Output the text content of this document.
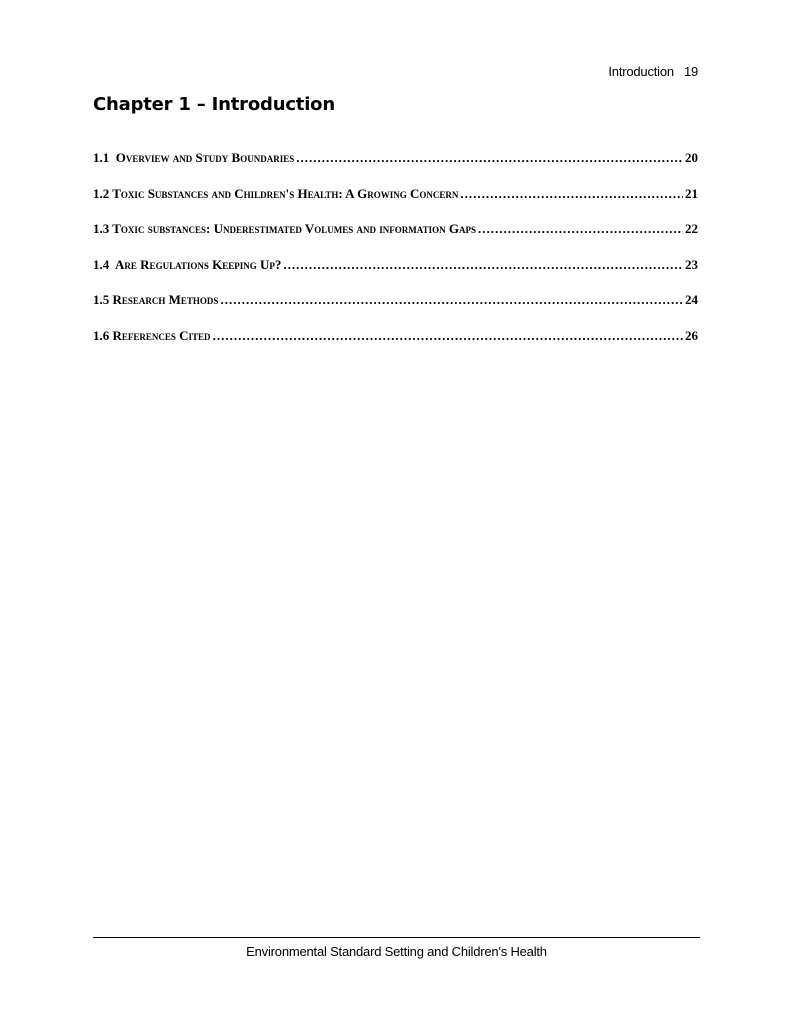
Introduction 19
Chapter 1 – Introduction
1.1  Overview and Study Boundaries .....	20
1.2 Toxic Substances and Children's Health: A Growing Concern .....	21
1.3 Toxic substances: Underestimated Volumes and information Gaps .....	22
1.4  Are Regulations Keeping Up? .....	23
1.5 Research Methods .....	24
1.6 References Cited .....	26
Environmental Standard Setting and Children's Health
